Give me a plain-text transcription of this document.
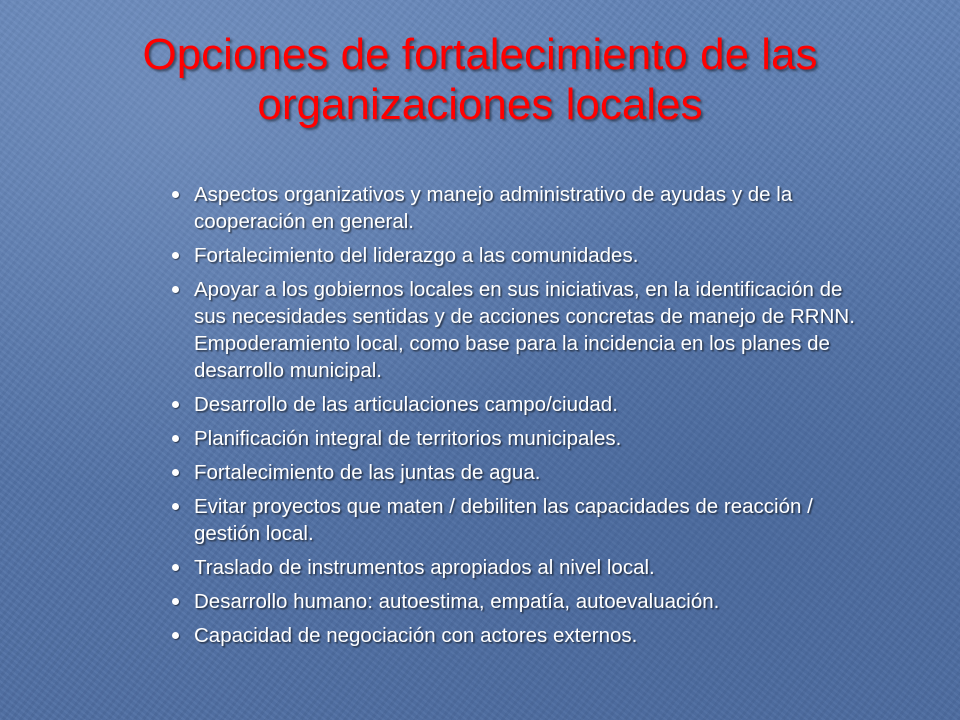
Opciones de fortalecimiento de las
organizaciones locales
Aspectos organizativos y manejo administrativo de ayudas y de la cooperación en general.
Fortalecimiento del liderazgo a las comunidades.
Apoyar a los gobiernos locales en sus iniciativas, en la identificación de sus necesidades sentidas y de acciones concretas de manejo de RRNN. Empoderamiento local, como base para la incidencia en los planes de desarrollo municipal.
Desarrollo de las articulaciones campo/ciudad.
Planificación integral de territorios municipales.
Fortalecimiento de las juntas de agua.
Evitar proyectos que maten / debiliten las capacidades de reacción / gestión local.
Traslado de instrumentos apropiados al nivel local.
Desarrollo humano: autoestima, empatía, autoevaluación.
Capacidad de negociación con actores externos.
